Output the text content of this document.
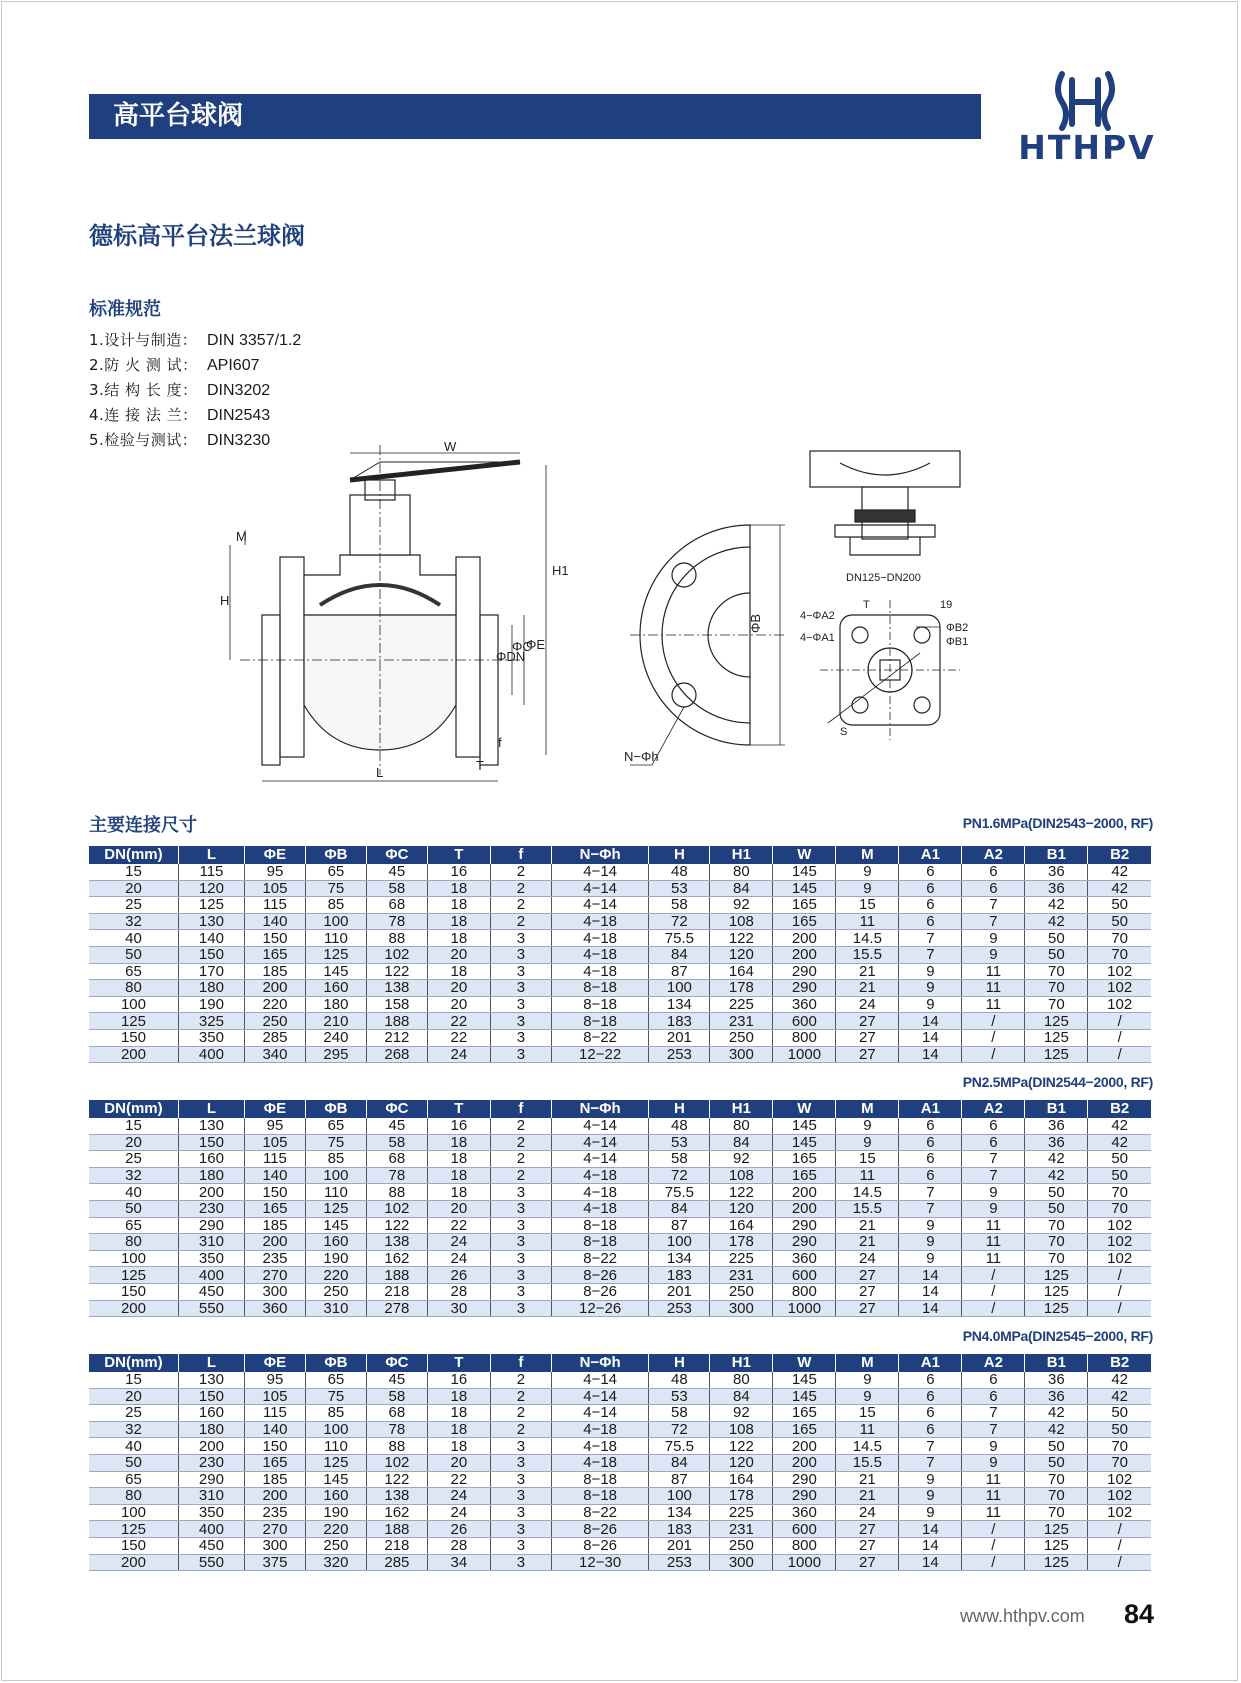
高平台球阀
HTHPV
德标高平台法兰球阀
标准规范
1.设计与制造： DIN 3357/1.2
2.防 火 测 试： API607
3.结 构 长 度： DIN3202
4.连 接 法 兰： DIN2543
5.检验与测试： DIN3230	W
M
H
H1
L	T
f
ΦDN
ΦC
ΦE
ΦB
N−Φh
DN125−DN200
T	19
4−ΦA2
4−ΦA1
ΦB2
ΦB1
S
主要连接尺寸	PN1.6MPa(DIN2543−2000, RF)
DN(mm)	L	ΦE	ΦB	ΦC	T	f	N−Φh	H	H1	W	M	A1	A2	B1	B2
15	115	95	65	45	16	2	4−14	48	80	145	9	6	6	36	42
20	120	105	75	58	18	2	4−14	53	84	145	9	6	6	36	42
25	125	115	85	68	18	2	4−14	58	92	165	15	6	7	42	50
32	130	140	100	78	18	2	4−18	72	108	165	11	6	7	42	50
40	140	150	110	88	18	3	4−18	75.5	122	200	14.5	7	9	50	70
50	150	165	125	102	20	3	4−18	84	120	200	15.5	7	9	50	70
65	170	185	145	122	18	3	4−18	87	164	290	21	9	11	70	102
80	180	200	160	138	20	3	8−18	100	178	290	21	9	11	70	102
100	190	220	180	158	20	3	8−18	134	225	360	24	9	11	70	102
125	325	250	210	188	22	3	8−18	183	231	600	27	14	/	125	/
150	350	285	240	212	22	3	8−22	201	250	800	27	14	/	125	/
200	400	340	295	268	24	3	12−22	253	300	1000	27	14	/	125	/
PN2.5MPa(DIN2544−2000, RF)
DN(mm)	L	ΦE	ΦB	ΦC	T	f	N−Φh	H	H1	W	M	A1	A2	B1	B2
15	130	95	65	45	16	2	4−14	48	80	145	9	6	6	36	42
20	150	105	75	58	18	2	4−14	53	84	145	9	6	6	36	42
25	160	115	85	68	18	2	4−14	58	92	165	15	6	7	42	50
32	180	140	100	78	18	2	4−18	72	108	165	11	6	7	42	50
40	200	150	110	88	18	3	4−18	75.5	122	200	14.5	7	9	50	70
50	230	165	125	102	20	3	4−18	84	120	200	15.5	7	9	50	70
65	290	185	145	122	22	3	8−18	87	164	290	21	9	11	70	102
80	310	200	160	138	24	3	8−18	100	178	290	21	9	11	70	102
100	350	235	190	162	24	3	8−22	134	225	360	24	9	11	70	102
125	400	270	220	188	26	3	8−26	183	231	600	27	14	/	125	/
150	450	300	250	218	28	3	8−26	201	250	800	27	14	/	125	/
200	550	360	310	278	30	3	12−26	253	300	1000	27	14	/	125	/
PN4.0MPa(DIN2545−2000, RF)
DN(mm)	L	ΦE	ΦB	ΦC	T	f	N−Φh	H	H1	W	M	A1	A2	B1	B2
15	130	95	65	45	16	2	4−14	48	80	145	9	6	6	36	42
20	150	105	75	58	18	2	4−14	53	84	145	9	6	6	36	42
25	160	115	85	68	18	2	4−14	58	92	165	15	6	7	42	50
32	180	140	100	78	18	2	4−18	72	108	165	11	6	7	42	50
40	200	150	110	88	18	3	4−18	75.5	122	200	14.5	7	9	50	70
50	230	165	125	102	20	3	4−18	84	120	200	15.5	7	9	50	70
65	290	185	145	122	22	3	8−18	87	164	290	21	9	11	70	102
80	310	200	160	138	24	3	8−18	100	178	290	21	9	11	70	102
100	350	235	190	162	24	3	8−22	134	225	360	24	9	11	70	102
125	400	270	220	188	26	3	8−26	183	231	600	27	14	/	125	/
150	450	300	250	218	28	3	8−26	201	250	800	27	14	/	125	/
200	550	375	320	285	34	3	12−30	253	300	1000	27	14	/	125	/
www.hthpv.com 84
